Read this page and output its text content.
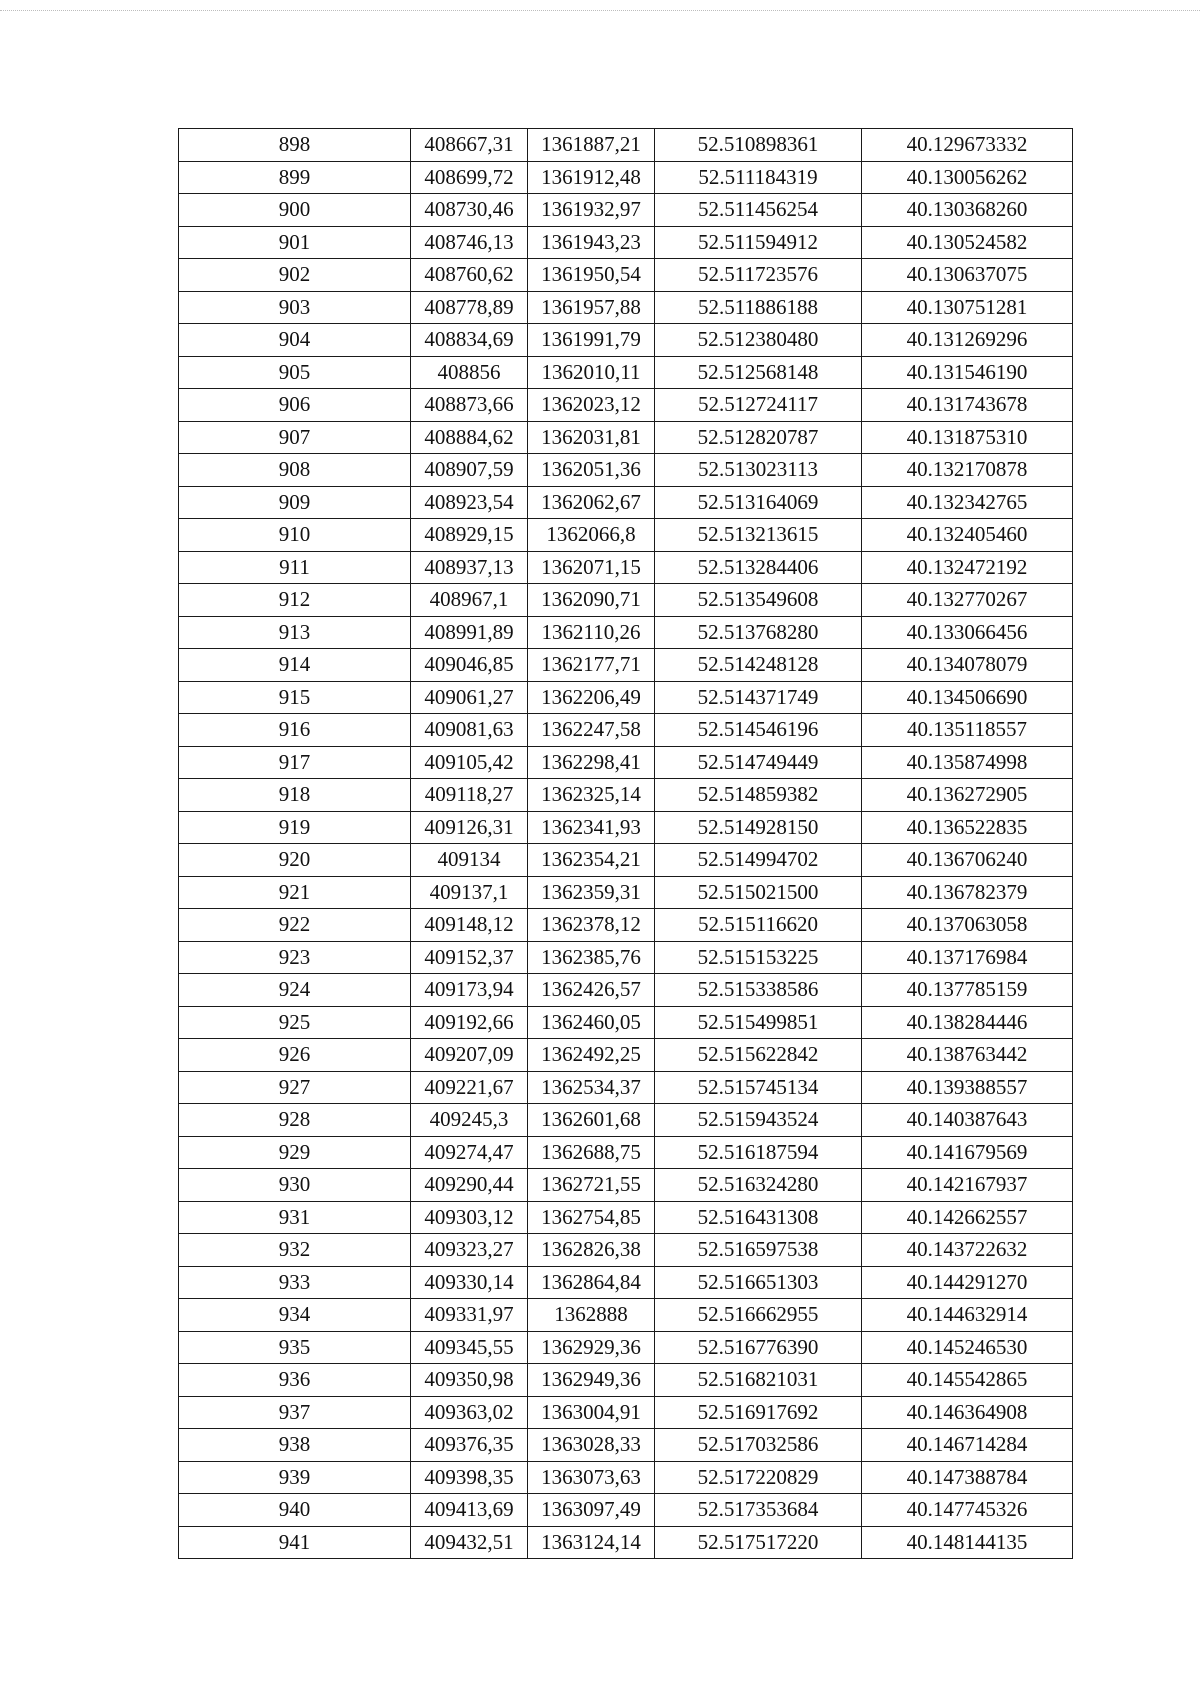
898	408667,31	1361887,21	52.510898361	40.129673332
899	408699,72	1361912,48	52.511184319	40.130056262
900	408730,46	1361932,97	52.511456254	40.130368260
901	408746,13	1361943,23	52.511594912	40.130524582
902	408760,62	1361950,54	52.511723576	40.130637075
903	408778,89	1361957,88	52.511886188	40.130751281
904	408834,69	1361991,79	52.512380480	40.131269296
905	408856	1362010,11	52.512568148	40.131546190
906	408873,66	1362023,12	52.512724117	40.131743678
907	408884,62	1362031,81	52.512820787	40.131875310
908	408907,59	1362051,36	52.513023113	40.132170878
909	408923,54	1362062,67	52.513164069	40.132342765
910	408929,15	1362066,8	52.513213615	40.132405460
911	408937,13	1362071,15	52.513284406	40.132472192
912	408967,1	1362090,71	52.513549608	40.132770267
913	408991,89	1362110,26	52.513768280	40.133066456
914	409046,85	1362177,71	52.514248128	40.134078079
915	409061,27	1362206,49	52.514371749	40.134506690
916	409081,63	1362247,58	52.514546196	40.135118557
917	409105,42	1362298,41	52.514749449	40.135874998
918	409118,27	1362325,14	52.514859382	40.136272905
919	409126,31	1362341,93	52.514928150	40.136522835
920	409134	1362354,21	52.514994702	40.136706240
921	409137,1	1362359,31	52.515021500	40.136782379
922	409148,12	1362378,12	52.515116620	40.137063058
923	409152,37	1362385,76	52.515153225	40.137176984
924	409173,94	1362426,57	52.515338586	40.137785159
925	409192,66	1362460,05	52.515499851	40.138284446
926	409207,09	1362492,25	52.515622842	40.138763442
927	409221,67	1362534,37	52.515745134	40.139388557
928	409245,3	1362601,68	52.515943524	40.140387643
929	409274,47	1362688,75	52.516187594	40.141679569
930	409290,44	1362721,55	52.516324280	40.142167937
931	409303,12	1362754,85	52.516431308	40.142662557
932	409323,27	1362826,38	52.516597538	40.143722632
933	409330,14	1362864,84	52.516651303	40.144291270
934	409331,97	1362888	52.516662955	40.144632914
935	409345,55	1362929,36	52.516776390	40.145246530
936	409350,98	1362949,36	52.516821031	40.145542865
937	409363,02	1363004,91	52.516917692	40.146364908
938	409376,35	1363028,33	52.517032586	40.146714284
939	409398,35	1363073,63	52.517220829	40.147388784
940	409413,69	1363097,49	52.517353684	40.147745326
941	409432,51	1363124,14	52.517517220	40.148144135
